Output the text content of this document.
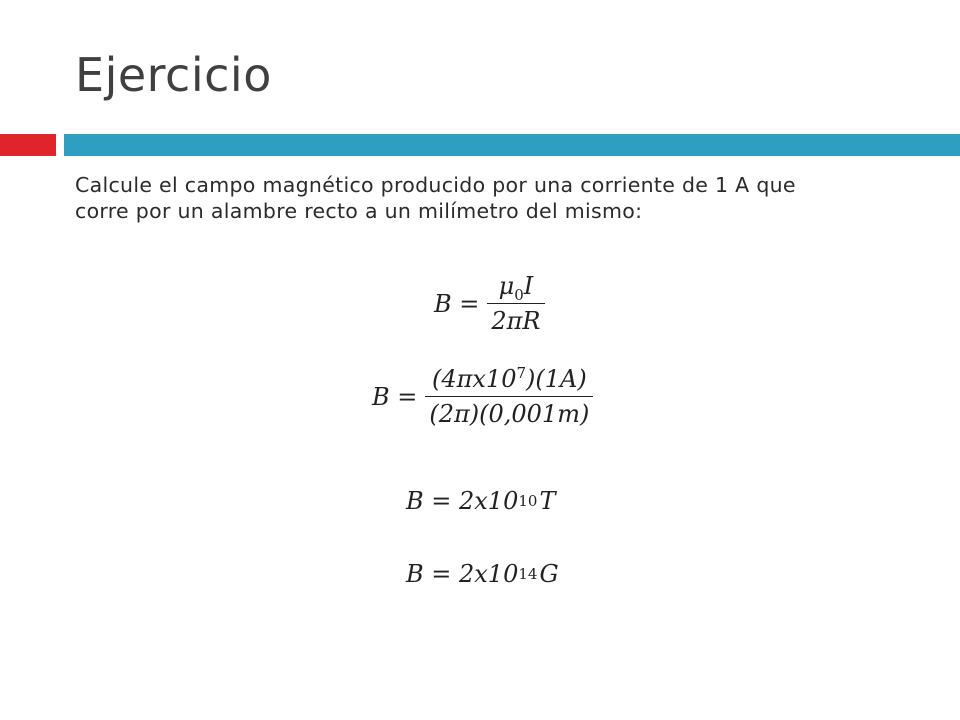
Ejercicio
Calcule el campo magnético producido por una corriente de 1 A que
corre por un alambre recto a un milímetro del mismo:
$B = \frac{\mu_0I}{2\pi R}$
$B = \frac{(4\pi x10^7)(1A)}{(2\pi)(0,001m)}$
B = 2x10 10 T
B = 2x10 14 G
